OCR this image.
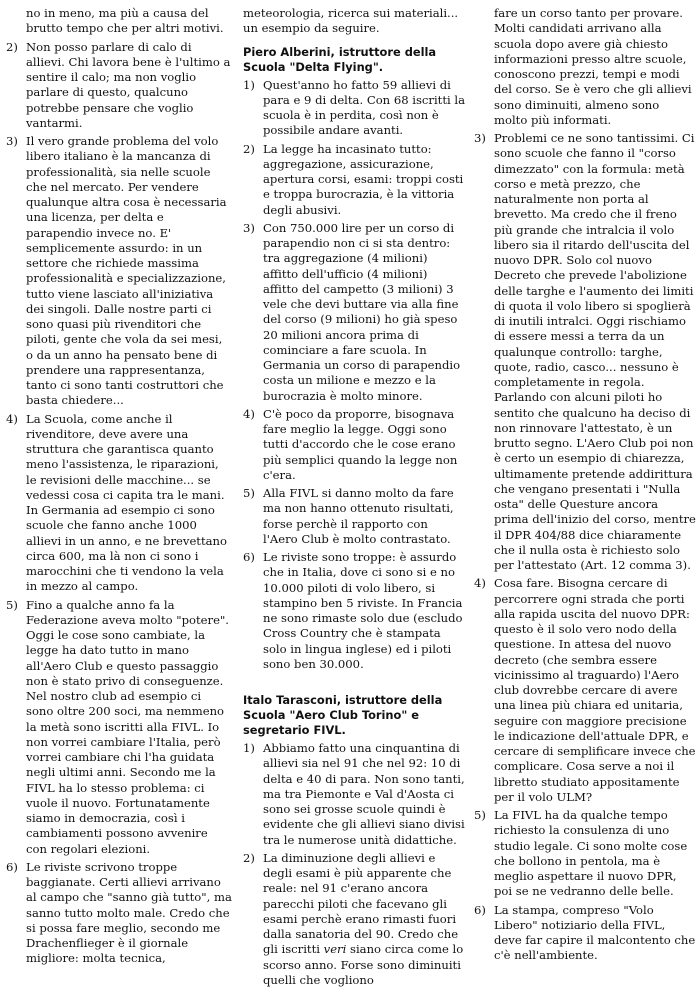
no in meno, ma più a causa del brutto tempo che per altri motivi.

2) Non posso parlare di calo di allievi. Chi lavora bene è l'ultimo a sentire il calo; ma non voglio parlare di questo, qualcuno potrebbe pensare che voglio vantarmi.

3) Il vero grande problema del volo libero italiano è la mancanza di professionalità, sia nelle scuole che nel mercato. Per vendere qualunque altra cosa è necessaria una licenza, per delta e parapendio invece no. E' semplicemente assurdo: in un settore che richiede massima professionalità e specializzazione, tutto viene lasciato all'iniziativa dei singoli. Dalle nostre parti ci sono quasi più rivenditori che piloti, gente che vola da sei mesi, o da un anno ha pensato bene di prendere una rappresentanza, tanto ci sono tanti costruttori che basta chiedere...

4) La Scuola, come anche il rivenditore, deve avere una struttura che garantisca quanto meno l'assistenza, le riparazioni, le revisioni delle macchine... se vedessi cosa ci capita tra le mani. In Germania ad esempio ci sono scuole che fanno anche 1000 allievi in un anno, e ne brevettano circa 600, ma là non ci sono i marocchini che ti vendono la vela in mezzo al campo.

5) Fino a qualche anno fa la Federazione aveva molto "potere". Oggi le cose sono cambiate, la legge ha dato tutto in mano all'Aero Club e questo passaggio non è stato privo di conseguenze. Nel nostro club ad esempio ci sono oltre 200 soci, ma nemmeno la metà sono iscritti alla FIVL. Io non vorrei cambiare l'Italia, però vorrei cambiare chi l'ha guidata negli ultimi anni. Secondo me la FIVL ha lo stesso problema: ci vuole il nuovo. Fortunatamente siamo in democrazia, così i cambiamenti possono avvenire con regolari elezioni.

6) Le riviste scrivono troppe baggianate. Certi allievi arrivano al campo che "sanno già tutto", ma sanno tutto molto male. Credo che si possa fare meglio, secondo me Drachenflieger è il giornale migliore: molta tecnica,

meteorologia, ricerca sui materiali... un esempio da seguire.

Piero Alberini, istruttore della Scuola "Delta Flying".

1) Quest'anno ho fatto 59 allievi di para e 9 di delta. Con 68 iscritti la scuola è in perdita, così non è possibile andare avanti.

2) La legge ha incasinato tutto: aggregazione, assicurazione, apertura corsi, esami: troppi costi e troppa burocrazia, è la vittoria degli abusivi.

3) Con 750.000 lire per un corso di parapendio non ci si sta dentro: tra aggregazione (4 milioni) affitto dell'ufficio (4 milioni) affitto del campetto (3 milioni) 3 vele che devi buttare via alla fine del corso (9 milioni) ho già speso 20 milioni ancora prima di cominciare a fare scuola. In Germania un corso di parapendio costa un milione e mezzo e la burocrazia è molto minore.

4) C'è poco da proporre, bisognava fare meglio la legge. Oggi sono tutti d'accordo che le cose erano più semplici quando la legge non c'era.

5) Alla FIVL si danno molto da fare ma non hanno ottenuto risultati, forse perchè il rapporto con l'Aero Club è molto contrastato.

6) Le riviste sono troppe: è assurdo che in Italia, dove ci sono si e no 10.000 piloti di volo libero, si stampino ben 5 riviste. In Francia ne sono rimaste solo due (escludo Cross Country che è stampata solo in lingua inglese) ed i piloti sono ben 30.000.

Italo Tarasconi, istruttore della Scuola "Aero Club Torino" e segretario FIVL.

1) Abbiamo fatto una cinquantina di allievi sia nel 91 che nel 92: 10 di delta e 40 di para. Non sono tanti, ma tra Piemonte e Val d'Aosta ci sono sei grosse scuole quindi è evidente che gli allievi siano divisi tra le numerose unità didattiche.

2) La diminuzione degli allievi e degli esami è più apparente che reale: nel 91 c'erano ancora parecchi piloti che facevano gli esami perchè erano rimasti fuori dalla sanatoria del 90. Credo che gli iscritti veri siano circa come lo scorso anno. Forse sono diminuiti quelli che vogliono

fare un corso tanto per provare. Molti candidati arrivano alla scuola dopo avere già chiesto informazioni presso altre scuole, conoscono prezzi, tempi e modi del corso. Se è vero che gli allievi sono diminuiti, almeno sono molto più informati.

3) Problemi ce ne sono tantissimi. Ci sono scuole che fanno il "corso dimezzato" con la formula: metà corso e metà prezzo, che naturalmente non porta al brevetto. Ma credo che il freno più grande che intralcia il volo libero sia il ritardo dell'uscita del nuovo DPR. Solo col nuovo Decreto che prevede l'abolizione delle targhe e l'aumento dei limiti di quota il volo libero si spoglierà di inutili intralci. Oggi rischiamo di essere messi a terra da un qualunque controllo: targhe, quote, radio, casco... nessuno è completamente in regola. Parlando con alcuni piloti ho sentito che qualcuno ha deciso di non rinnovare l'attestato, è un brutto segno. L'Aero Club poi non è certo un esempio di chiarezza, ultimamente pretende addirittura che vengano presentati i "Nulla osta" delle Questure ancora prima dell'inizio del corso, mentre il DPR 404/88 dice chiaramente che il nulla osta è richiesto solo per l'attestato (Art. 12 comma 3).

4) Cosa fare. Bisogna cercare di percorrere ogni strada che porti alla rapida uscita del nuovo DPR: questo è il solo vero nodo della questione. In attesa del nuovo decreto (che sembra essere vicinissimo al traguardo) l'Aero club dovrebbe cercare di avere una linea più chiara ed unitaria, seguire con maggiore precisione le indicazione dell'attuale DPR, e cercare di semplificare invece che complicare. Cosa serve a noi il libretto studiato appositamente per il volo ULM?

5) La FIVL ha da qualche tempo richiesto la consulenza di uno studio legale. Ci sono molte cose che bollono in pentola, ma è meglio aspettare il nuovo DPR, poi se ne vedranno delle belle.

6) La stampa, compreso "Volo Libero" notiziario della FIVL, deve far capire il malcontento che c'è nell'ambiente.
